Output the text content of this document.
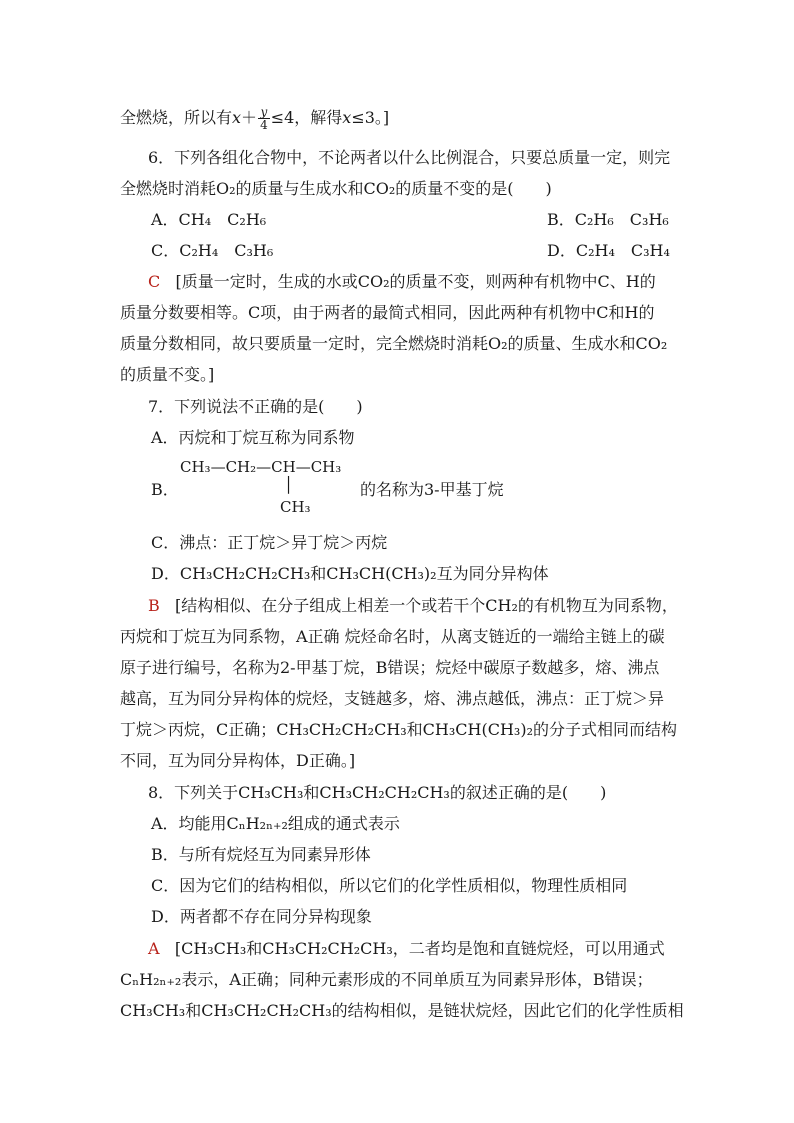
全燃烧，所以有$x+ \frac{y}{4} \le 4$，解得x≤3。]
6．下列各组化合物中，不论两者以什么比例混合，只要总质量一定，则完
全燃烧时消耗O₂的质量与生成水和CO₂的质量不变的是(　　)
A．CH₄　C₂H₆	B．C₂H₆　C₃H₆
C．C₂H₄　C₃H₆	D．C₂H₄　C₃H₄
C [质量一定时，生成的水或CO₂的质量不变，则两种有机物中C、H的
质量分数要相等。C项，由于两者的最简式相同，因此两种有机物中C和H的
质量分数相同，故只要质量一定时，完全燃烧时消耗O₂的质量、生成水和CO₂
的质量不变。]
7．下列说法不正确的是(　　)
A．丙烷和丁烷互称为同系物
B．
CH₃—CH₂—CH—CH₃
│
CH₃
的名称为3-甲基丁烷
C．沸点：正丁烷＞异丁烷＞丙烷
D．CH₃CH₂CH₂CH₃和CH₃CH(CH₃)₂互为同分异构体
B [结构相似、在分子组成上相差一个或若干个CH₂的有机物互为同系物，
丙烷和丁烷互为同系物，A正确 烷烃命名时，从离支链近的一端给主链上的碳
原子进行编号，名称为2-甲基丁烷，B错误；烷烃中碳原子数越多，熔、沸点
越高，互为同分异构体的烷烃，支链越多，熔、沸点越低，沸点：正丁烷＞异
丁烷＞丙烷，C正确；CH₃CH₂CH₂CH₃和CH₃CH(CH₃)₂的分子式相同而结构
不同，互为同分异构体，D正确。]
8．下列关于CH₃CH₃和CH₃CH₂CH₂CH₃的叙述正确的是(　　)
A．均能用CₙH₂ₙ₊₂组成的通式表示
B．与所有烷烃互为同素异形体
C．因为它们的结构相似，所以它们的化学性质相似，物理性质相同
D．两者都不存在同分异构现象
A [CH₃CH₃和CH₃CH₂CH₂CH₃，二者均是饱和直链烷烃，可以用通式
CₙH₂ₙ₊₂表示，A正确；同种元素形成的不同单质互为同素异形体，B错误；
CH₃CH₃和CH₃CH₂CH₂CH₃的结构相似，是链状烷烃，因此它们的化学性质相
